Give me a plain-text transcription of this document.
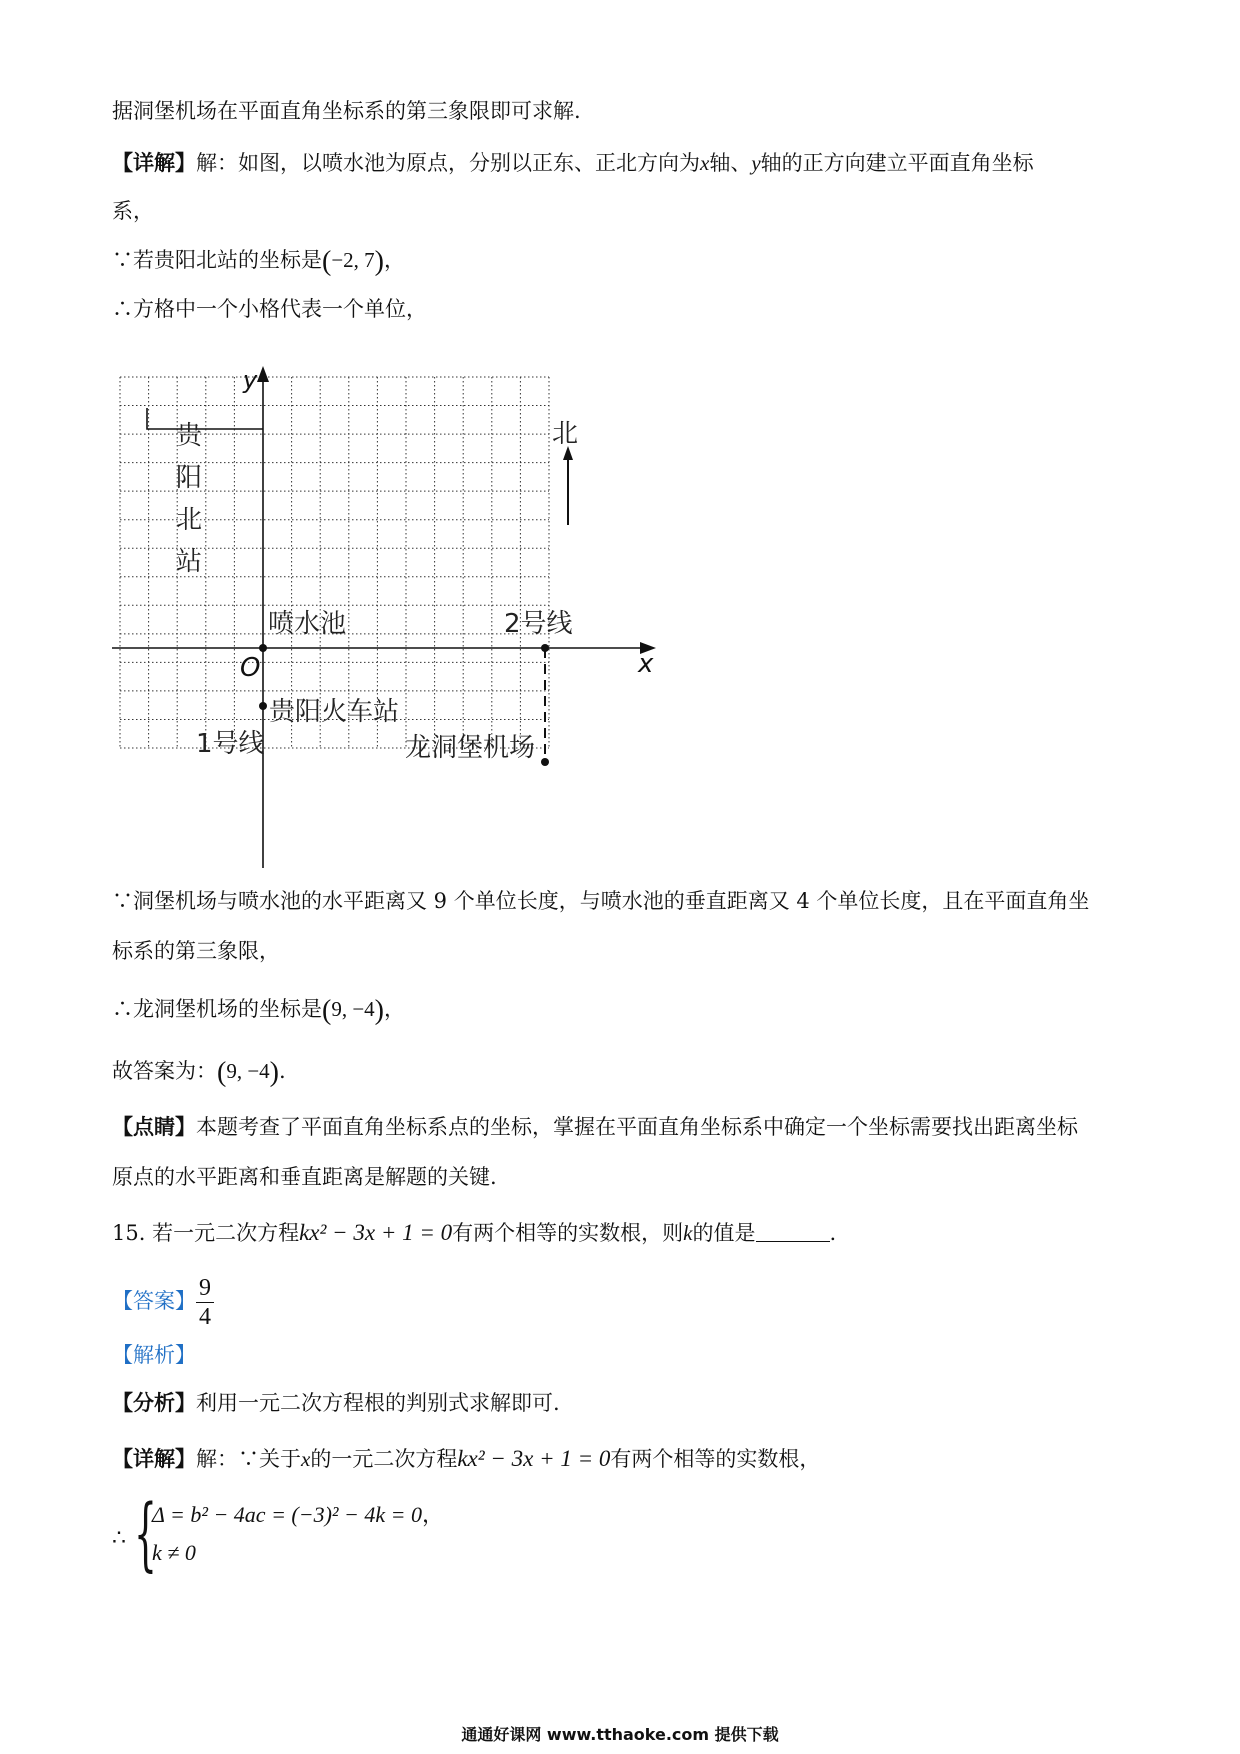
据洞堡机场在平面直角坐标系的第三象限即可求解.
【详解】解：如图，以喷水池为原点，分别以正东、正北方向为x轴、y轴的正方向建立平面直角坐标
系，
∵若贵阳北站的坐标是(−2, 7)，
∴方格中一个小格代表一个单位，
y
x
O
北
贵
阳
北
站
喷水池	2号线
贵阳火车站
1号线	龙洞堡机场
∵洞堡机场与喷水池的水平距离又 9 个单位长度，与喷水池的垂直距离又 4 个单位长度，且在平面直角坐
标系的第三象限，
∴龙洞堡机场的坐标是(9, −4)，
故答案为：(9, −4).
【点睛】本题考查了平面直角坐标系点的坐标，掌握在平面直角坐标系中确定一个坐标需要找出距离坐标
原点的水平距离和垂直距离是解题的关键.
15. 若一元二次方程kx² − 3x + 1 = 0有两个相等的实数根，则k的值是	.
【答案】 $\frac{9}{4}$
【解析】
【分析】利用一元二次方程根的判别式求解即可.
【详解】解：∵关于x的一元二次方程kx² − 3x + 1 = 0有两个相等的实数根，
∴ {
Δ = b² − 4ac = (−3)² − 4k = 0，
k ≠ 0
通通好课网 www.tthaoke.com 提供下载
